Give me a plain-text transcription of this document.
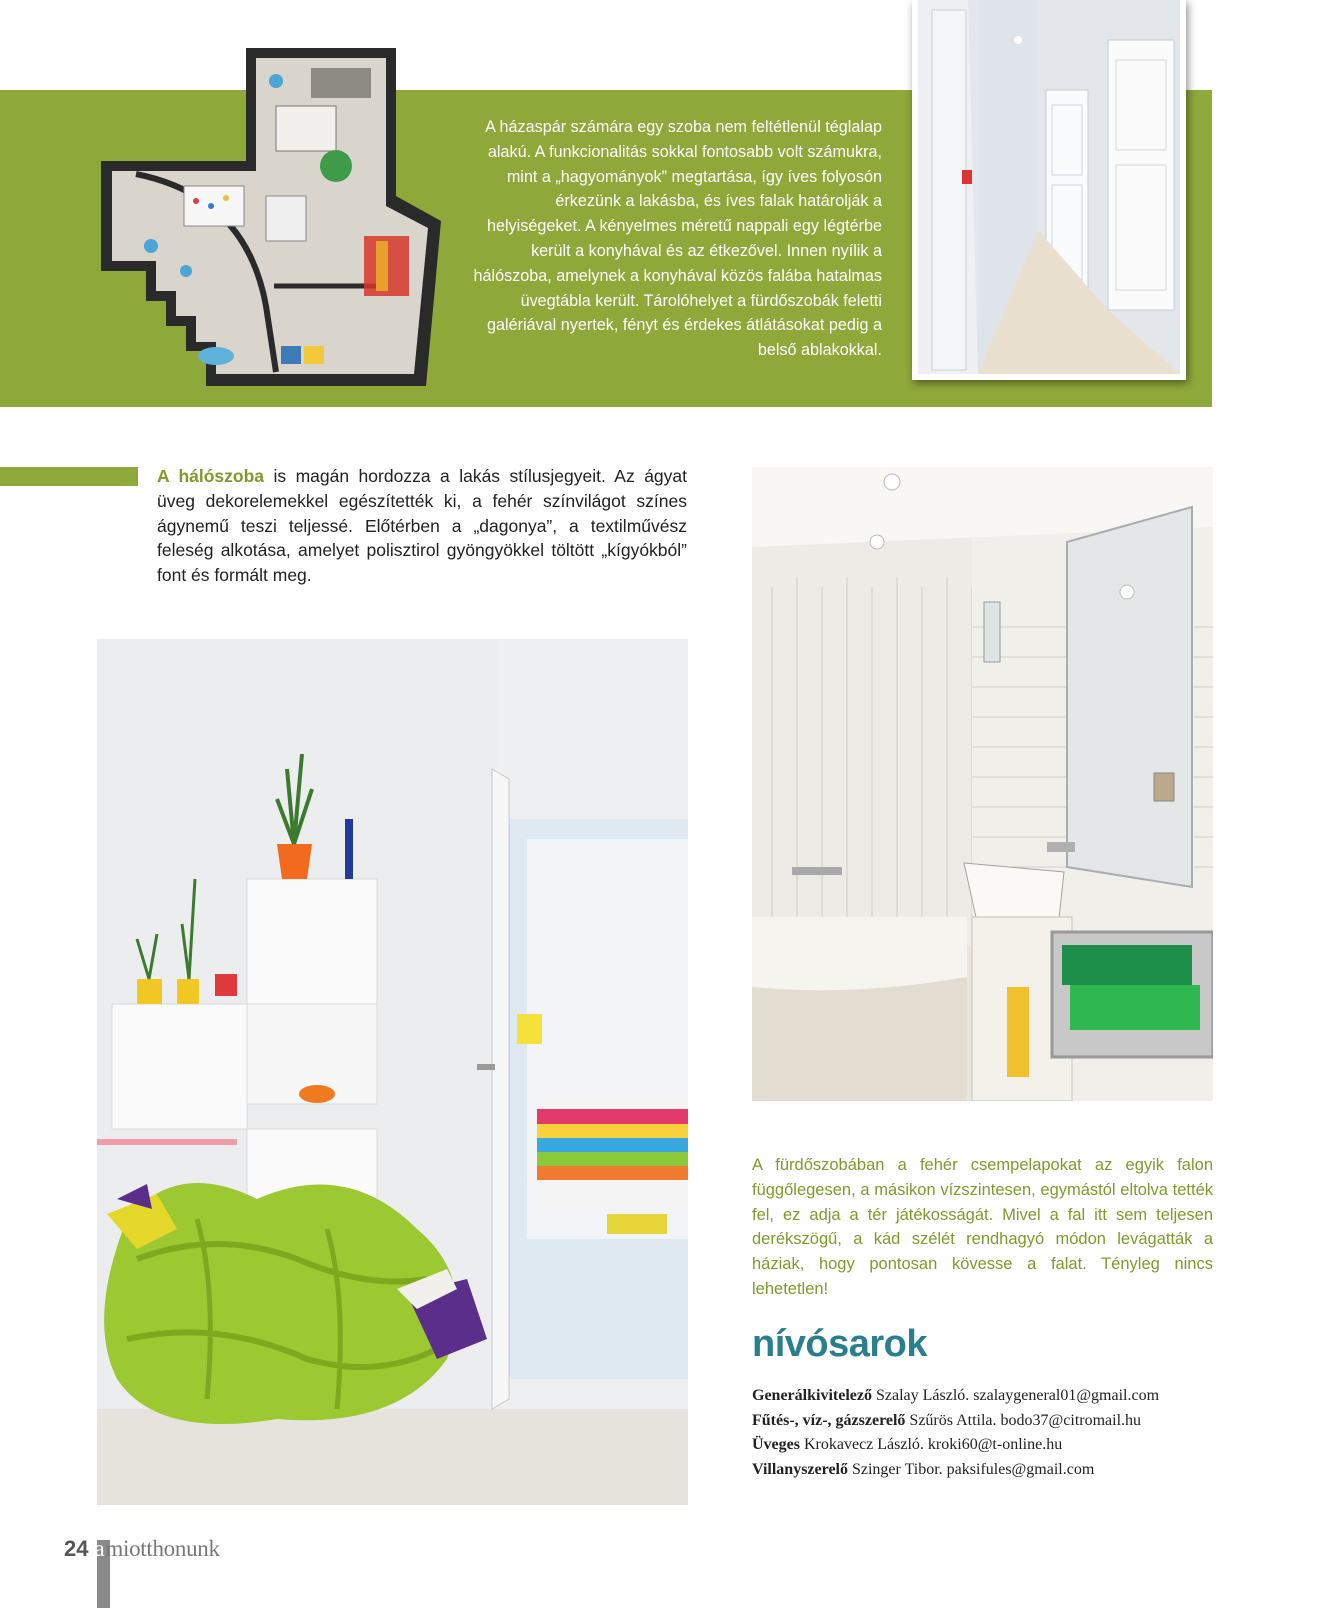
A házaspár számára egy szoba nem feltétlenül téglalap alakú. A funkcionalitás sokkal fontosabb volt számukra, mint a „hagyományok” megtartása, így íves folyosón érkezünk a lakásba, és íves falak határolják a helyiségeket. A kényelmes méretű nappali egy légtérbe került a konyhával és az étkezővel. Innen nyílik a hálószoba, amelynek a konyhával közös falába hatalmas üvegtábla került. Tárolóhelyet a fürdőszobák feletti galériával nyertek, fényt és érdekes átlátásokat pedig a belső ablakokkal.
A hálószoba is magán hordozza a lakás stílusjegyeit. Az ágyat üveg dekorelemekkel egészítették ki, a fehér színvilágot színes ágynemű teszi teljessé. Előtérben a „dagonya”, a textilművész feleség alkotása, amelyet polisztirol gyöngyökkel töltött „kígyókból” font és formált meg.
A fürdőszobában a fehér csempelapokat az egyik falon függőlegesen, a másikon vízszintesen, egymástól eltolva tették fel, ez adja a tér játékosságát. Mivel a fal itt sem teljesen derékszögű, a kád szélét rendhagyó módon levágatták a háziak, hogy pontosan kövesse a falat. Tényleg nincs lehetetlen!
nívósarok
Generálkivitelező Szalay László. szalaygeneral01@gmail.com
Fűtés-, víz-, gázszerelő Szűrös Attila. bodo37@citromail.hu
Üveges Krokavecz László. kroki60@t-online.hu
Villanyszerelő Szinger Tibor. paksifules@gmail.com
24 amiotthonunk
